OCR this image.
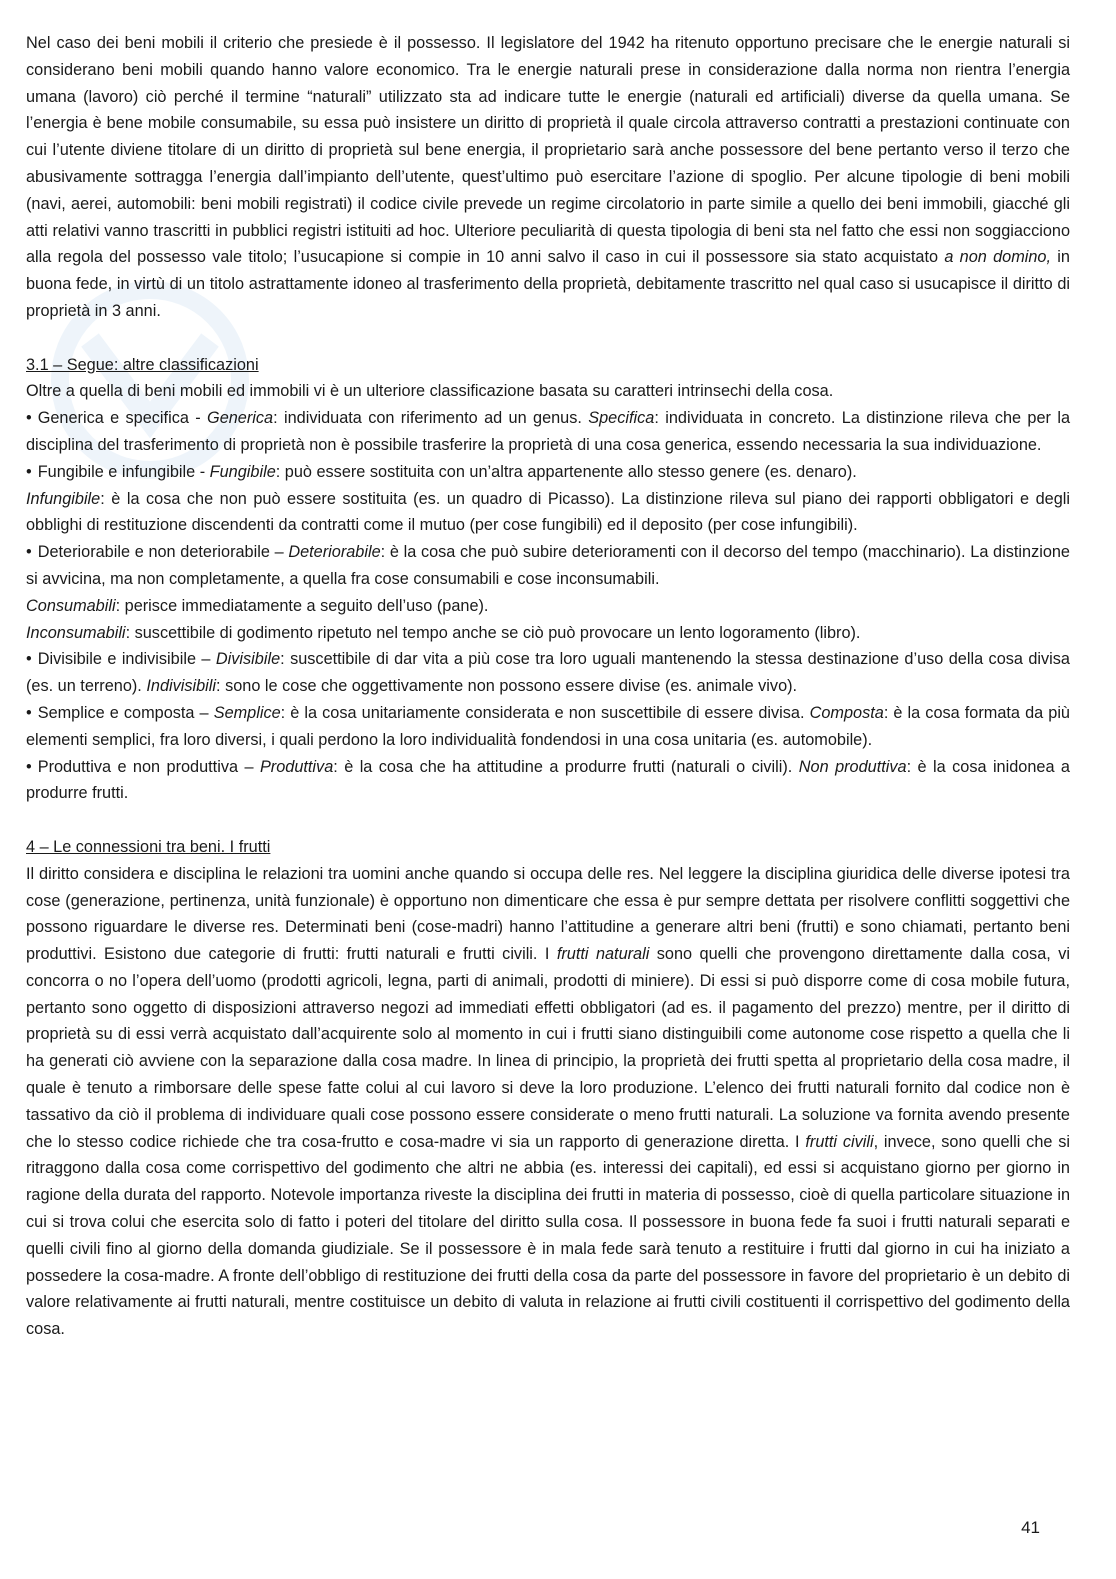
Nel caso dei beni mobili il criterio che presiede è il possesso. Il legislatore del 1942 ha ritenuto opportuno precisare che le energie naturali si considerano beni mobili quando hanno valore economico. Tra le energie naturali prese in considerazione dalla norma non rientra l’energia umana (lavoro) ciò perché il termine “naturali” utilizzato sta ad indicare tutte le energie (naturali ed artificiali) diverse da quella umana. Se l’energia è bene mobile consumabile, su essa può insistere un diritto di proprietà il quale circola attraverso contratti a prestazioni continuate con cui l’utente diviene titolare di un diritto di proprietà sul bene energia, il proprietario sarà anche possessore del bene pertanto verso il terzo che abusivamente sottragga l’energia dall’impianto dell’utente, quest’ultimo può esercitare l’azione di spoglio. Per alcune tipologie di beni mobili (navi, aerei, automobili: beni mobili registrati) il codice civile prevede un regime circolatorio in parte simile a quello dei beni immobili, giacché gli atti relativi vanno trascritti in pubblici registri istituiti ad hoc. Ulteriore peculiarità di questa tipologia di beni sta nel fatto che essi non soggiacciono alla regola del possesso vale titolo; l’usucapione si compie in 10 anni salvo il caso in cui il possessore sia stato acquistato a non domino, in buona fede, in virtù di un titolo astrattamente idoneo al trasferimento della proprietà, debitamente trascritto nel qual caso si usucapisce il diritto di proprietà in 3 anni.

3.1 – Segue: altre classificazioni

Oltre a quella di beni mobili ed immobili vi è un ulteriore classificazione basata su caratteri intrinsechi della cosa.

• Generica e specifica - Generica: individuata con riferimento ad un genus. Specifica: individuata in concreto. La distinzione rileva che per la disciplina del trasferimento di proprietà non è possibile trasferire la proprietà di una cosa generica, essendo necessaria la sua individuazione.

• Fungibile e infungibile - Fungibile: può essere sostituita con un’altra appartenente allo stesso genere (es. denaro).

Infungibile: è la cosa che non può essere sostituita (es. un quadro di Picasso). La distinzione rileva sul piano dei rapporti obbligatori e degli obblighi di restituzione discendenti da contratti come il mutuo (per cose fungibili) ed il deposito (per cose infungibili).

• Deteriorabile e non deteriorabile – Deteriorabile: è la cosa che può subire deterioramenti con il decorso del tempo (macchinario). La distinzione si avvicina, ma non completamente, a quella fra cose consumabili e cose inconsumabili.

Consumabili: perisce immediatamente a seguito dell’uso (pane).

Inconsumabili: suscettibile di godimento ripetuto nel tempo anche se ciò può provocare un lento logoramento (libro).

• Divisibile e indivisibile – Divisibile: suscettibile di dar vita a più cose tra loro uguali mantenendo la stessa destinazione d’uso della cosa divisa (es. un terreno). Indivisibili: sono le cose che oggettivamente non possono essere divise (es. animale vivo).

• Semplice e composta – Semplice: è la cosa unitariamente considerata e non suscettibile di essere divisa. Composta: è la cosa formata da più elementi semplici, fra loro diversi, i quali perdono la loro individualità fondendosi in una cosa unitaria (es. automobile).

• Produttiva e non produttiva – Produttiva: è la cosa che ha attitudine a produrre frutti (naturali o civili). Non produttiva: è la cosa inidonea a produrre frutti.

4 – Le connessioni tra beni. I frutti

Il diritto considera e disciplina le relazioni tra uomini anche quando si occupa delle res. Nel leggere la disciplina giuridica delle diverse ipotesi tra cose (generazione, pertinenza, unità funzionale) è opportuno non dimenticare che essa è pur sempre dettata per risolvere conflitti soggettivi che possono riguardare le diverse res. Determinati beni (cose-madri) hanno l’attitudine a generare altri beni (frutti) e sono chiamati, pertanto beni produttivi. Esistono due categorie di frutti: frutti naturali e frutti civili. I frutti naturali sono quelli che provengono direttamente dalla cosa, vi concorra o no l’opera dell’uomo (prodotti agricoli, legna, parti di animali, prodotti di miniere). Di essi si può disporre come di cosa mobile futura, pertanto sono oggetto di disposizioni attraverso negozi ad immediati effetti obbligatori (ad es. il pagamento del prezzo) mentre, per il diritto di proprietà su di essi verrà acquistato dall’acquirente solo al momento in cui i frutti siano distinguibili come autonome cose rispetto a quella che li ha generati ciò avviene con la separazione dalla cosa madre. In linea di principio, la proprietà dei frutti spetta al proprietario della cosa madre, il quale è tenuto a rimborsare delle spese fatte colui al cui lavoro si deve la loro produzione. L’elenco dei frutti naturali fornito dal codice non è tassativo da ciò il problema di individuare quali cose possono essere considerate o meno frutti naturali. La soluzione va fornita avendo presente che lo stesso codice richiede che tra cosa-frutto e cosa-madre vi sia un rapporto di generazione diretta. I frutti civili, invece, sono quelli che si ritraggono dalla cosa come corrispettivo del godimento che altri ne abbia (es. interessi dei capitali), ed essi si acquistano giorno per giorno in ragione della durata del rapporto. Notevole importanza riveste la disciplina dei frutti in materia di possesso, cioè di quella particolare situazione in cui si trova colui che esercita solo di fatto i poteri del titolare del diritto sulla cosa. Il possessore in buona fede fa suoi i frutti naturali separati e quelli civili fino al giorno della domanda giudiziale. Se il possessore è in mala fede sarà tenuto a restituire i frutti dal giorno in cui ha iniziato a possedere la cosa-madre. A fronte dell’obbligo di restituzione dei frutti della cosa da parte del possessore in favore del proprietario è un debito di valore relativamente ai frutti naturali, mentre costituisce un debito di valuta in relazione ai frutti civili costituenti il corrispettivo del godimento della cosa.

41
